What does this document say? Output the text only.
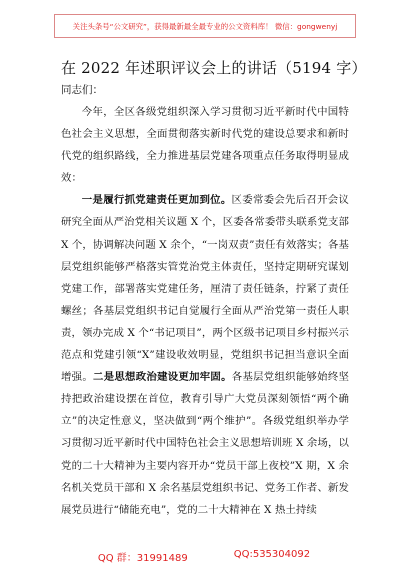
关注头条号“公文研究”，获得最新最全最专业的公文资料库！ 微信：gongwenyj
在 2022 年述职评议会上的讲话（5194 字）
同志们：

今年，全区各级党组织深入学习贯彻习近平新时代中国特色社会主义思想，全面贯彻落实新时代党的建设总要求和新时代党的组织路线，全力推进基层党建各项重点任务取得明显成效：

一是履行抓党建责任更加到位。区委常委会先后召开会议研究全面从严治党相关议题 X 个，区委各常委带头联系党支部 X 个，协调解决问题 X 余个，“一岗双责”责任有效落实；各基层党组织能够严格落实管党治党主体责任，坚持定期研究谋划党建工作，部署落实党建任务，厘清了责任链条，拧紧了责任螺丝；各基层党组织书记自觉履行全面从严治党第一责任人职责，领办完成 X 个“书记项目”，两个区级书记项目乡村振兴示范点和党建引领“X”建设收效明显，党组织书记担当意识全面增强。二是思想政治建设更加牢固。各基层党组织能够始终坚持把政治建设摆在首位，教育引导广大党员深刻领悟“两个确立”的决定性意义，坚决做到“两个维护”。各级党组织举办学习贯彻习近平新时代中国特色社会主义思想培训班 X 余场，以党的二十大精神为主要内容开办“党员干部上夜校”X 期，X 余名机关党员干部和 X 余名基层党组织书记、党务工作者、新发展党员进行“储能充电”，党的二十大精神在 X 热土持续

QQ 群：31991489	QQ:535304092
